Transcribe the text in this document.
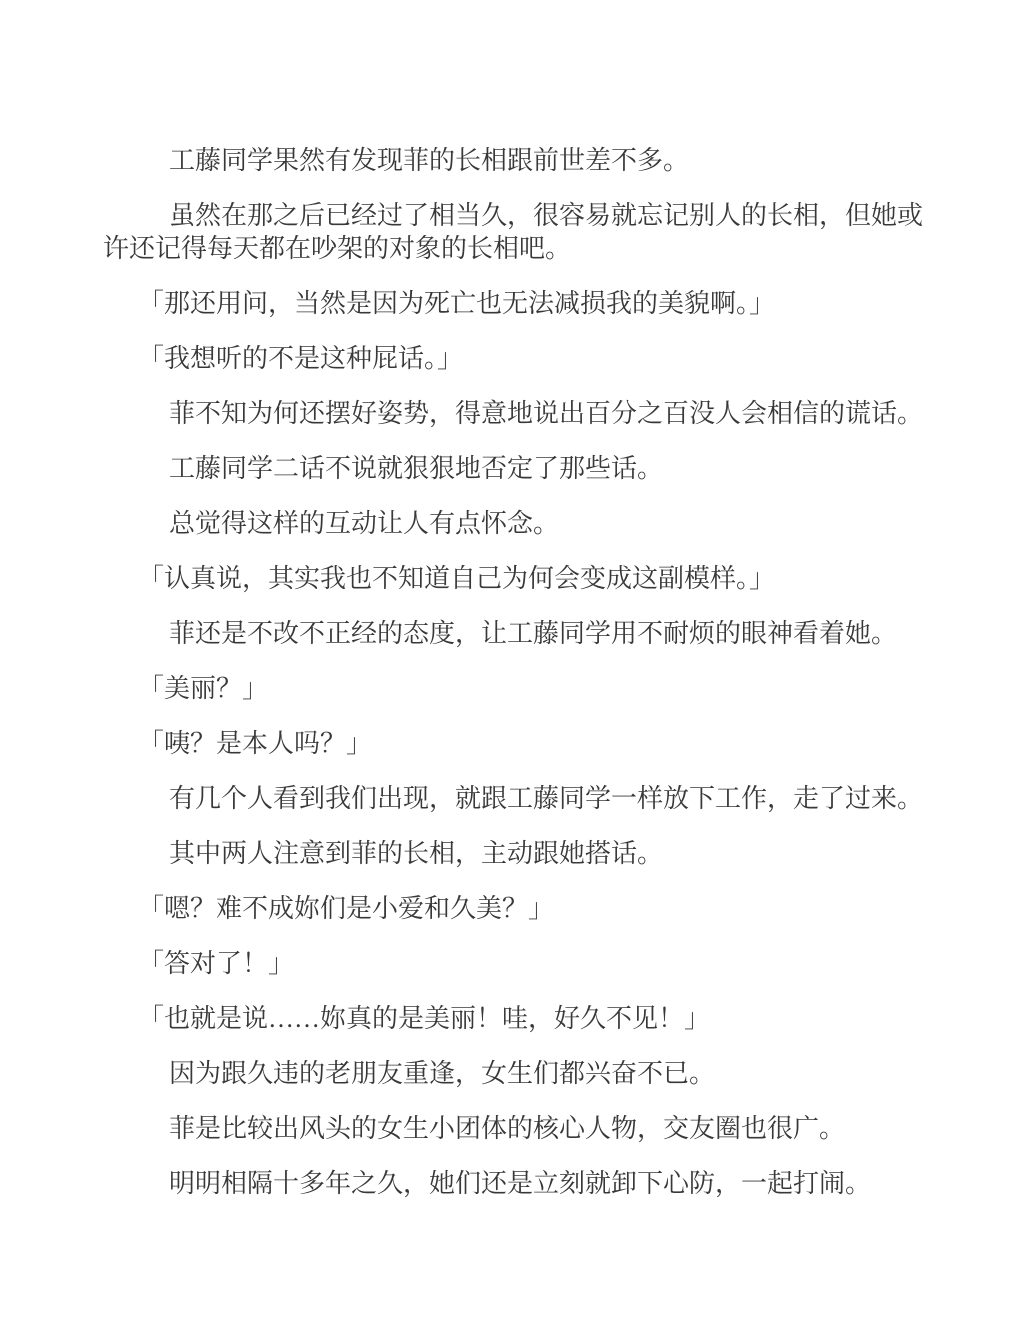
工藤同学果然有发现菲的长相跟前世差不多。

虽然在那之后已经过了相当久，很容易就忘记别人的长相，但她或许还记得每天都在吵架的对象的长相吧。

「那还用问，当然是因为死亡也无法减损我的美貌啊。」

「我想听的不是这种屁话。」

菲不知为何还摆好姿势，得意地说出百分之百没人会相信的谎话。

工藤同学二话不说就狠狠地否定了那些话。

总觉得这样的互动让人有点怀念。

「认真说，其实我也不知道自己为何会变成这副模样。」

菲还是不改不正经的态度，让工藤同学用不耐烦的眼神看着她。

「美丽？」

「咦？是本人吗？」

有几个人看到我们出现，就跟工藤同学一样放下工作，走了过来。

其中两人注意到菲的长相，主动跟她搭话。

「嗯？难不成妳们是小爱和久美？」

「答对了！」

「也就是说……妳真的是美丽！哇，好久不见！」

因为跟久违的老朋友重逢，女生们都兴奋不已。

菲是比较出风头的女生小团体的核心人物，交友圈也很广。

明明相隔十多年之久，她们还是立刻就卸下心防，一起打闹。
